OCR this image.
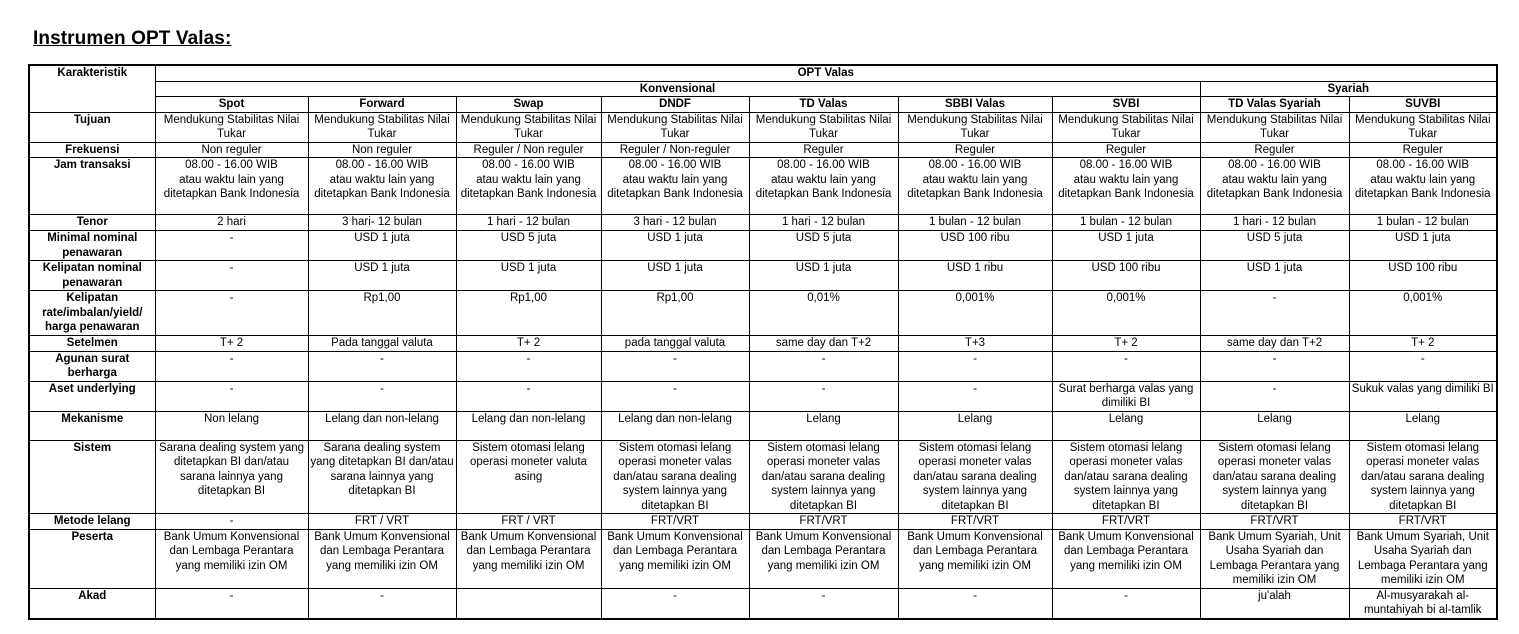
Instrumen OPT Valas:
Karakteristik	OPT Valas								
	Konvensional							Syariah	
	Spot	Forward	Swap	DNDF	TD Valas	SBBI Valas	SVBI	TD Valas Syariah	SUVBI
Tujuan	Mendukung Stabilitas Nilai Tukar	Mendukung Stabilitas Nilai Tukar	Mendukung Stabilitas Nilai Tukar	Mendukung Stabilitas Nilai Tukar	Mendukung Stabilitas Nilai Tukar	Mendukung Stabilitas Nilai Tukar	Mendukung Stabilitas Nilai Tukar	Mendukung Stabilitas Nilai Tukar	Mendukung Stabilitas Nilai Tukar

Frekuensi	Non reguler	Non reguler	Reguler / Non reguler	Reguler / Non-reguler	Reguler	Reguler	Reguler	Reguler	Reguler

Jam transaksi	08.00 - 16.00 WIB
atau waktu lain yang
ditetapkan Bank Indonesia	08.00 - 16.00 WIB
atau waktu lain yang
ditetapkan Bank Indonesia	08.00 - 16.00 WIB
atau waktu lain yang
ditetapkan Bank Indonesia	08.00 - 16.00 WIB
atau waktu lain yang
ditetapkan Bank Indonesia	08.00 - 16.00 WIB
atau waktu lain yang
ditetapkan Bank Indonesia	08.00 - 16.00 WIB
atau waktu lain yang
ditetapkan Bank Indonesia	08.00 - 16.00 WIB
atau waktu lain yang
ditetapkan Bank Indonesia	08.00 - 16.00 WIB
atau waktu lain yang
ditetapkan Bank Indonesia	08.00 - 16.00 WIB
atau waktu lain yang
ditetapkan Bank Indonesia

Tenor	2 hari	3 hari- 12 bulan	1 hari - 12 bulan	3 hari - 12 bulan	1 hari - 12 bulan	1 bulan - 12 bulan	1 bulan - 12 bulan	1 hari - 12 bulan	1 bulan - 12 bulan

Minimal nominal penawaran	-	USD 1 juta	USD 5 juta	USD 1 juta	USD 5 juta	USD 100 ribu	USD 1 juta	USD 5 juta	USD 1 juta

Kelipatan nominal penawaran	-	USD 1 juta	USD 1 juta	USD 1 juta	USD 1 juta	USD 1 ribu	USD 100 ribu	USD 1 juta	USD 100 ribu

Kelipatan rate/imbalan/yield/ harga penawaran	-	Rp1,00	Rp1,00	Rp1,00	0,01%	0,001%	0,001%	-	0,001%

Setelmen	T+ 2	Pada tanggal valuta	T+ 2	pada tanggal valuta	same day dan T+2	T+3	T+ 2	same day dan T+2	T+ 2

Agunan surat berharga	-	-	-	-	-	-	-	-	-

Aset underlying	-	-	-	-	-	-	Surat berharga valas yang dimiliki BI	-	Sukuk valas yang dimiliki BI

Mekanisme	Non lelang	Lelang dan non-lelang	Lelang dan non-lelang	Lelang dan non-lelang	Lelang	Lelang	Lelang	Lelang	Lelang

Sistem	Sarana dealing system yang ditetapkan BI dan/atau sarana lainnya yang ditetapkan BI	Sarana dealing system yang ditetapkan BI dan/atau sarana lainnya yang ditetapkan BI	Sistem otomasi lelang operasi moneter valuta asing	Sistem otomasi lelang operasi moneter valas dan/atau sarana dealing system lainnya yang ditetapkan BI	Sistem otomasi lelang operasi moneter valas dan/atau sarana dealing system lainnya yang ditetapkan BI	Sistem otomasi lelang operasi moneter valas dan/atau sarana dealing system lainnya yang ditetapkan BI	Sistem otomasi lelang operasi moneter valas dan/atau sarana dealing system lainnya yang ditetapkan BI	Sistem otomasi lelang operasi moneter valas dan/atau sarana dealing system lainnya yang ditetapkan BI	Sistem otomasi lelang operasi moneter valas dan/atau sarana dealing system lainnya yang ditetapkan BI

Metode lelang	-	FRT / VRT	FRT / VRT	FRT/VRT	FRT/VRT	FRT/VRT	FRT/VRT	FRT/VRT	FRT/VRT

Peserta	Bank Umum Konvensional dan Lembaga Perantara yang memiliki izin OM	Bank Umum Konvensional dan Lembaga Perantara yang memiliki izin OM	Bank Umum Konvensional dan Lembaga Perantara yang memiliki izin OM	Bank Umum Konvensional dan Lembaga Perantara yang memiliki izin OM	Bank Umum Konvensional dan Lembaga Perantara yang memiliki izin OM	Bank Umum Konvensional dan Lembaga Perantara yang memiliki izin OM	Bank Umum Konvensional dan Lembaga Perantara yang memiliki izin OM	Bank Umum Syariah, Unit Usaha Syariah dan Lembaga Perantara yang memiliki izin OM	Bank Umum Syariah, Unit Usaha Syariah dan Lembaga Perantara yang memiliki izin OM

Akad	-	-		-	-	-	-	ju'alah	Al-musyarakah al-muntahiyah bi al-tamlik
